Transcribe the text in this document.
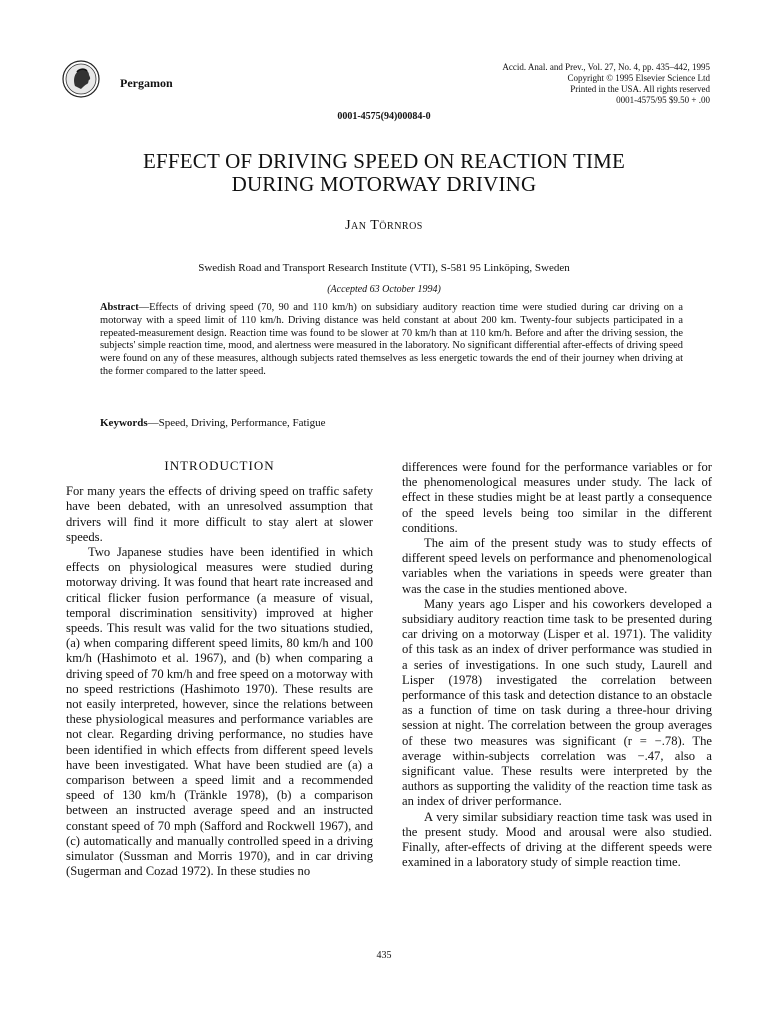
Pergamon
Accid. Anal. and Prev., Vol. 27, No. 4, pp. 435–442, 1995
Copyright © 1995 Elsevier Science Ltd
Printed in the USA. All rights reserved
0001-4575/95 $9.50 + .00
0001-4575(94)00084-0
EFFECT OF DRIVING SPEED ON REACTION TIME
DURING MOTORWAY DRIVING
Jan Törnros
Swedish Road and Transport Research Institute (VTI), S-581 95 Linköping, Sweden
(Accepted 63 October 1994)
Abstract—Effects of driving speed (70, 90 and 110 km/h) on subsidiary auditory reaction time were studied during car driving on a motorway with a speed limit of 110 km/h. Driving distance was held constant at about 200 km. Twenty-four subjects participated in a repeated-measurement design. Reaction time was found to be slower at 70 km/h than at 110 km/h. Before and after the driving session, the subjects' simple reaction time, mood, and alertness were measured in the laboratory. No significant differential after-effects of driving speed were found on any of these measures, although subjects rated themselves as less energetic towards the end of their journey when driving at the former compared to the latter speed.
Keywords—Speed, Driving, Performance, Fatigue
INTRODUCTION

For many years the effects of driving speed on traffic safety have been debated, with an unresolved assumption that drivers will find it more difficult to stay alert at slower speeds.

Two Japanese studies have been identified in which effects on physiological measures were studied during motorway driving. It was found that heart rate increased and critical flicker fusion performance (a measure of visual, temporal discrimination sensitivity) improved at higher speeds. This result was valid for the two situations studied, (a) when comparing different speed limits, 80 km/h and 100 km/h (Hashimoto et al. 1967), and (b) when comparing a driving speed of 70 km/h and free speed on a motorway with no speed restrictions (Hashimoto 1970). These results are not easily interpreted, however, since the relations between these physiological measures and performance variables are not clear. Regarding driving performance, no studies have been identified in which effects from different speed levels have been investigated. What have been studied are (a) a comparison between a speed limit and a recommended speed of 130 km/h (Tränkle 1978), (b) a comparison between an instructed average speed and an instructed constant speed of 70 mph (Safford and Rockwell 1967), and (c) automatically and manually controlled speed in a driving simulator (Sussman and Morris 1970), and in car driving (Sugerman and Cozad 1972). In these studies no

differences were found for the performance variables or for the phenomenological measures under study. The lack of effect in these studies might be at least partly a consequence of the speed levels being too similar in the different conditions.

The aim of the present study was to study effects of different speed levels on performance and phenomenological variables when the variations in speeds were greater than was the case in the studies mentioned above.

Many years ago Lisper and his coworkers developed a subsidiary auditory reaction time task to be presented during car driving on a motorway (Lisper et al. 1971). The validity of this task as an index of driver performance was studied in a series of investigations. In one such study, Laurell and Lisper (1978) investigated the correlation between performance of this task and detection distance to an obstacle as a function of time on task during a three-hour driving session at night. The correlation between the group averages of these two measures was significant (r = −.78). The average within-subjects correlation was −.47, also a significant value. These results were interpreted by the authors as supporting the validity of the reaction time task as an index of driver performance.

A very similar subsidiary reaction time task was used in the present study. Mood and arousal were also studied. Finally, after-effects of driving at the different speeds were examined in a laboratory study of simple reaction time.

435
